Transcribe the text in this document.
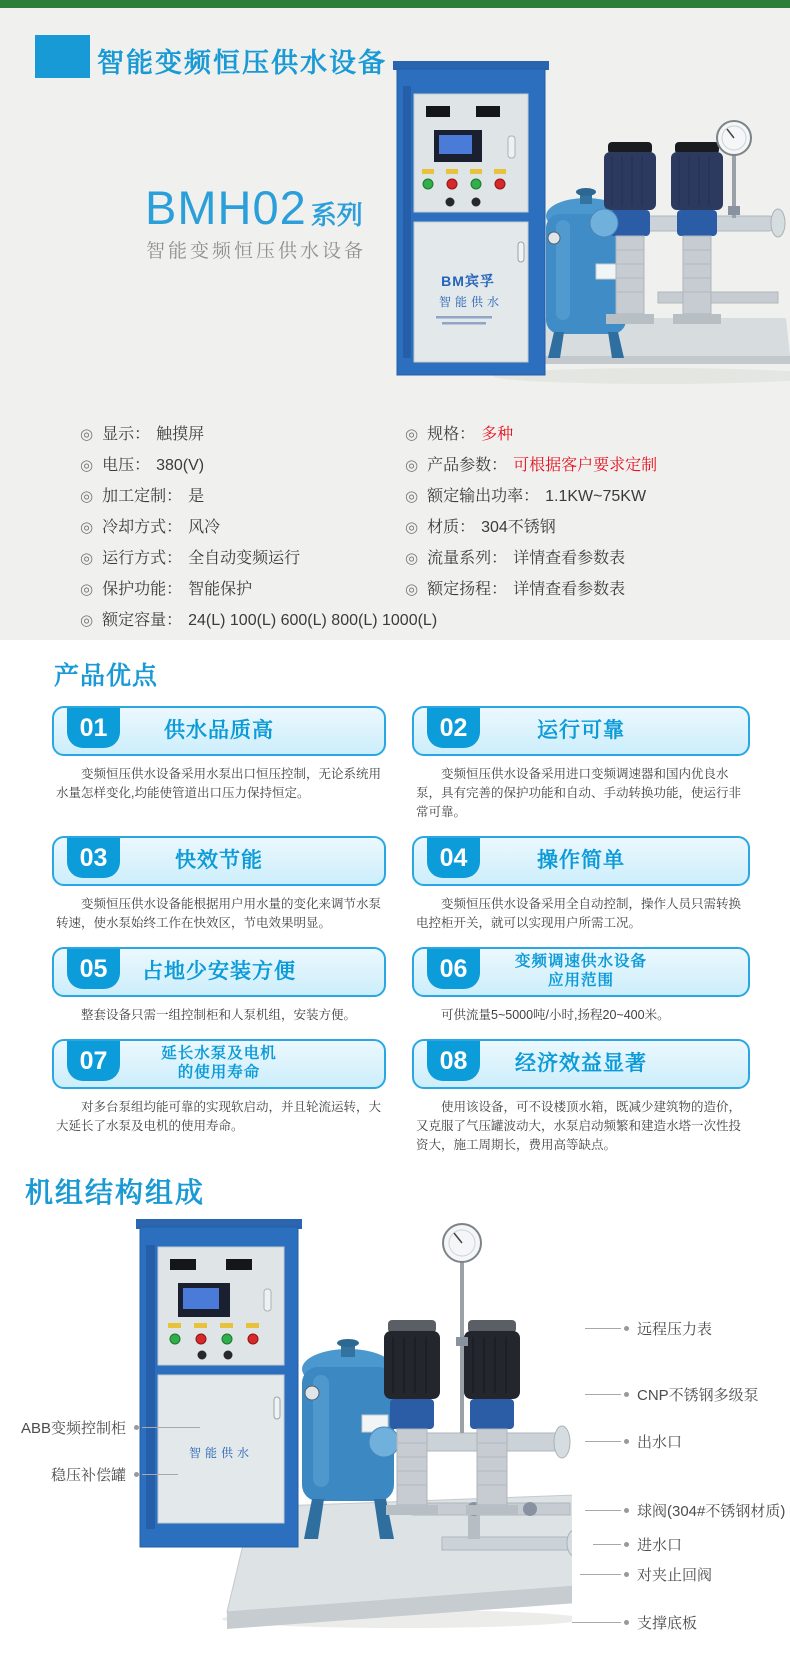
智能变频恒压供水设备
BMH02 系列
智能变频恒压供水设备
BM宾孚
智能供水
◎ 显示： 触摸屏
◎ 电压： 380(V)
◎ 加工定制： 是
◎ 冷却方式： 风冷
◎ 运行方式： 全自动变频运行
◎ 保护功能： 智能保护
◎ 额定容量： 24(L) 100(L) 600(L) 800(L) 1000(L)
◎ 规格： 多种
◎ 产品参数： 可根据客户要求定制
◎ 额定输出功率： 1.1KW~75KW
◎ 材质： 304不锈钢
◎ 流量系列： 详情查看参数表
◎ 额定扬程： 详情查看参数表
产品优点
01	供水品质高

变频恒压供水设备采用水泵出口恒压控制，无论系统用水量怎样变化,均能使管道出口压力保持恒定。

02	运行可靠

变频恒压供水设备采用进口变频调速器和国内优良水泵，具有完善的保护功能和自动、手动转换功能，使运行非常可靠。

03	快效节能

变频恒压供水设备能根据用户用水量的变化来调节水泵转速，使水泵始终工作在快效区，节电效果明显。

04	操作简单

变频恒压供水设备采用全自动控制，操作人员只需转换电控柜开关，就可以实现用户所需工况。

05 占地少安装方便

整套设备只需一组控制柜和人泵机组，安装方便。

06	变频调速供水设备
应用范围

可供流量5~5000吨/小时,扬程20~400米。

07	延长水泵及电机
的使用寿命

对多台泵组均能可靠的实现软启动，并且轮流运转，大大延长了水泵及电机的使用寿命。

08 经济效益显著

使用该设备，可不设楼顶水箱，既减少建筑物的造价，又克服了气压罐波动大，水泵启动频繁和建造水塔一次性投资大，施工周期长，费用高等缺点。

机组结构组成
智能供水
ABB变频控制柜
稳压补偿罐
远程压力表
CNP不锈钢多级泵
出水口
球阀(304#不锈钢材质)
进水口
对夹止回阀
支撑底板
